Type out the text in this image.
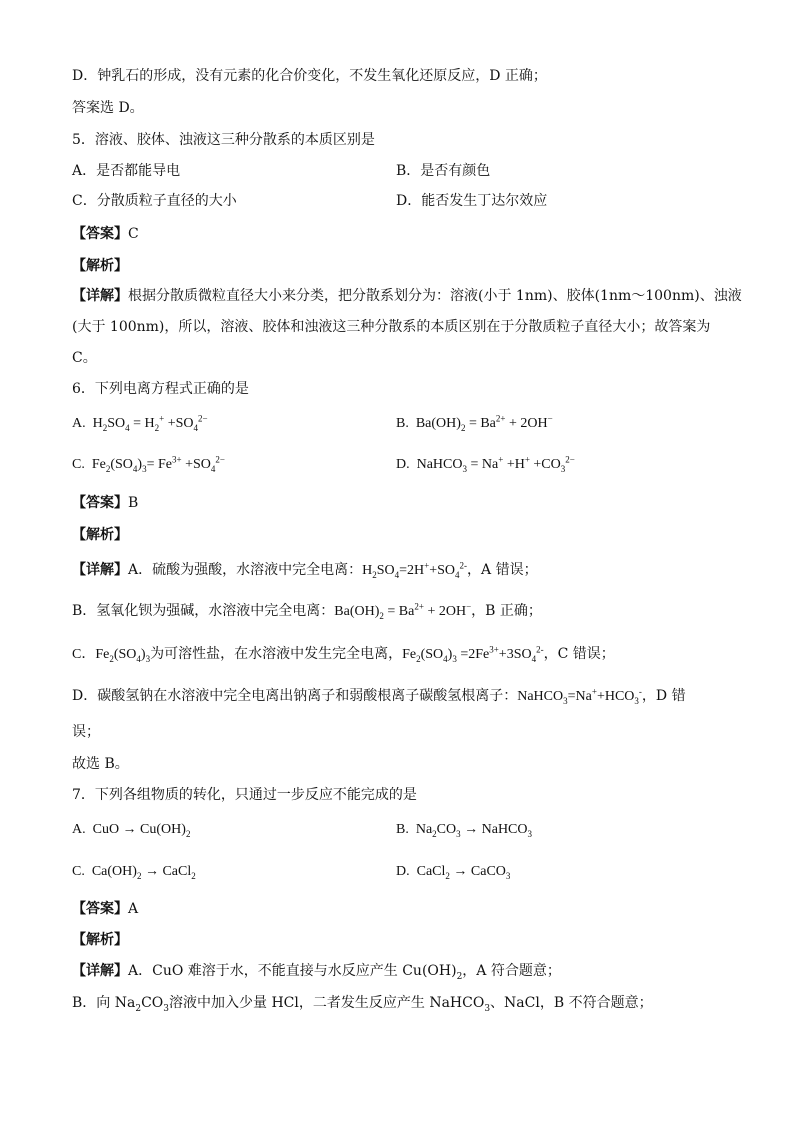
D．钟乳石的形成，没有元素的化合价变化，不发生氧化还原反应，D 正确；
答案选 D。
5．溶液、胶体、浊液这三种分散系的本质区别是
A．是否都能导电	B．是否有颜色
C．分散质粒子直径的大小	D．能否发生丁达尔效应
【答案】C
【解析】
【详解】根据分散质微粒直径大小来分类，把分散系划分为：溶液(小于 1nm)、胶体(1nm～100nm)、浊液
(大于 100nm)，所以，溶液、胶体和浊液这三种分散系的本质区别在于分散质粒子直径大小；故答案为
C。
6．下列电离方程式正确的是
A.  $H_2SO_4 = H_2^+ +SO_4^{2-}$	B.  $Ba(OH)_2 = Ba^{2+} + 2OH^-$
C.  $Fe_2(SO_4)_3= Fe^{3+} +SO_4^{2-}$	D.  NaHCO$_3$ = $Na^+ +H^+ +CO_3^{2-}$
【答案】B
【解析】
【详解】A．硫酸为强酸，水溶液中完全电离：$H_2SO_4=2H^++SO_4^{2-}$，A 错误；
B．氢氧化钡为强碱，水溶液中完全电离：$Ba(OH)_2 = Ba^{2+} + 2OH^-$，B 正确；
C．$Fe_2(SO_4)_3$为可溶性盐，在水溶液中发生完全电离，$Fe_2(SO_4)_3 =2Fe^{3+}+3SO_4^{2-}$，C 错误；
D．碳酸氢钠在水溶液中完全电离出钠离子和弱酸根离子碳酸氢根离子：$NaHCO_3=Na^++HCO_3^-$，D 错
误；
故选 B。
7．下列各组物质的转化，只通过一步反应不能完成的是
A.  CuO → $Cu(OH)_2$	B.  $Na_2CO_3$ → NaHCO$_3$
C.  $Ca(OH)_2$ → CaCl$_2$	D.  CaCl$_2$ → CaCO$_3$
【答案】A
【解析】
【详解】A．CuO 难溶于水，不能直接与水反应产生 $Cu(OH)_2$，A 符合题意；
B．向 $Na_2CO_3$溶液中加入少量 HCl，二者发生反应产生 NaHCO$_3$、NaCl，B 不符合题意；
